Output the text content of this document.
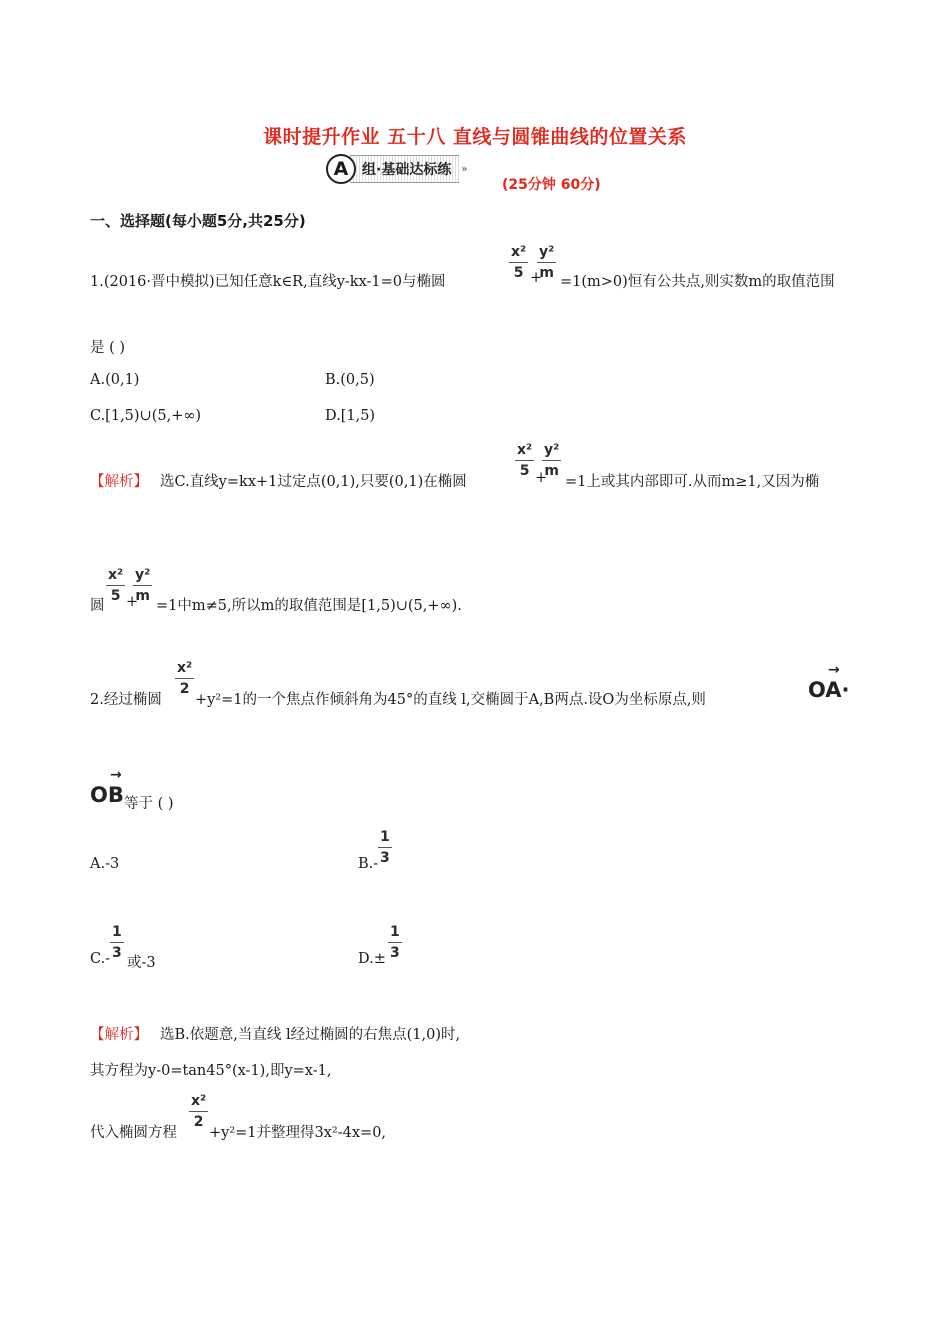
课时提升作业 五十八 直线与圆锥曲线的位置关系
A 组·基础达标练	»
(25分钟 60分)
一、选择题(每小题5分,共25分)
1.(2016·晋中模拟)已知任意k∈R,直线y-kx-1=0与椭圆
$\frac{\text{x²}}{5}$ +
$\frac{\text{y²}}{m}$
=1(m>0)恒有公共点,则实数m的取值范围
是 ( )
A.(0,1)	B.(0,5)
C.[1,5)∪(5,+∞)	D.[1,5)
【解析】 选C.直线y=kx+1过定点(0,1),只要(0,1)在椭圆
$\frac{\text{x²}}{5}$ +
$\frac{\text{y²}}{m}$
=1上或其内部即可.从而m≥1,又因为椭
圆
$\frac{\text{x²}}{5}$ +
$\frac{\text{y²}}{m}$
=1中m≠5,所以m的取值范围是[1,5)∪(5,+∞).
2.经过椭圆
$\frac{\text{x²}}{2}$
+y²=1的一个焦点作倾斜角为45°的直线 l,交椭圆于A,B两点.设O为坐标原点,则
→
OA·
→
OB 等于 ( )
A.-3	$B.- \frac{1}{3}$
$C.- \frac{1}{3}$
或-3	$D.\pm \frac{1}{3}$
【解析】 选B.依题意,当直线 l经过椭圆的右焦点(1,0)时,
其方程为y-0=tan45°(x-1),即y=x-1,
代入椭圆方程
$\frac{\text{x²}}{2}$
+y²=1并整理得3x²-4x=0,
